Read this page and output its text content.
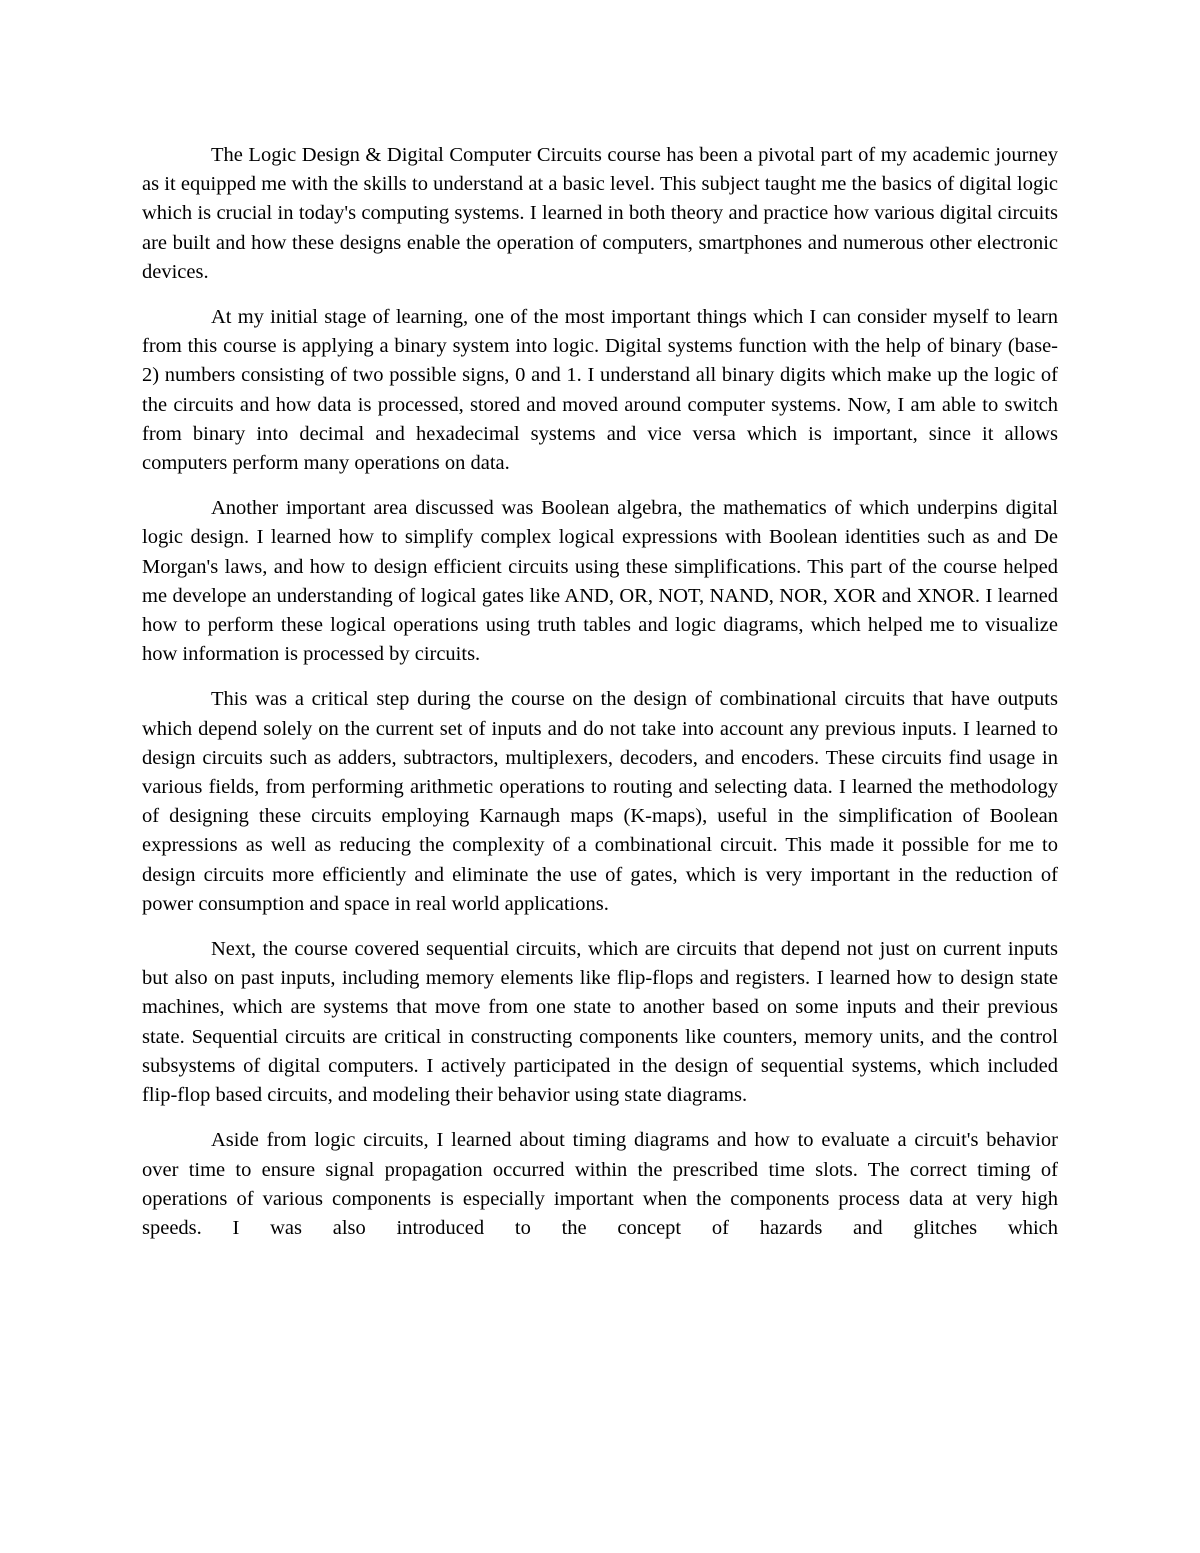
The Logic Design & Digital Computer Circuits course has been a pivotal part of my academic journey as it equipped me with the skills to understand at a basic level. This subject taught me the basics of digital logic which is crucial in today's computing systems. I learned in both theory and practice how various digital circuits are built and how these designs enable the operation of computers, smartphones and numerous other electronic devices.

At my initial stage of learning, one of the most important things which I can consider myself to learn from this course is applying a binary system into logic. Digital systems function with the help of binary (base-2) numbers consisting of two possible signs, 0 and 1. I understand all binary digits which make up the logic of the circuits and how data is processed, stored and moved around computer systems. Now, I am able to switch from binary into decimal and hexadecimal systems and vice versa which is important, since it allows computers perform many operations on data.

Another important area discussed was Boolean algebra, the mathematics of which underpins digital logic design. I learned how to simplify complex logical expressions with Boolean identities such as and De Morgan's laws, and how to design efficient circuits using these simplifications. This part of the course helped me develope an understanding of logical gates like AND, OR, NOT, NAND, NOR, XOR and XNOR. I learned how to perform these logical operations using truth tables and logic diagrams, which helped me to visualize how information is processed by circuits.

This was a critical step during the course on the design of combinational circuits that have outputs which depend solely on the current set of inputs and do not take into account any previous inputs. I learned to design circuits such as adders, subtractors, multiplexers, decoders, and encoders. These circuits find usage in various fields, from performing arithmetic operations to routing and selecting data. I learned the methodology of designing these circuits employing Karnaugh maps (K-maps), useful in the simplification of Boolean expressions as well as reducing the complexity of a combinational circuit. This made it possible for me to design circuits more efficiently and eliminate the use of gates, which is very important in the reduction of power consumption and space in real world applications.

Next, the course covered sequential circuits, which are circuits that depend not just on current inputs but also on past inputs, including memory elements like flip-flops and registers. I learned how to design state machines, which are systems that move from one state to another based on some inputs and their previous state. Sequential circuits are critical in constructing components like counters, memory units, and the control subsystems of digital computers. I actively participated in the design of sequential systems, which included flip-flop based circuits, and modeling their behavior using state diagrams.

Aside from logic circuits, I learned about timing diagrams and how to evaluate a circuit's behavior over time to ensure signal propagation occurred within the prescribed time slots. The correct timing of operations of various components is especially important when the components process data at very high speeds. I was also introduced to the concept of hazards and glitches which
